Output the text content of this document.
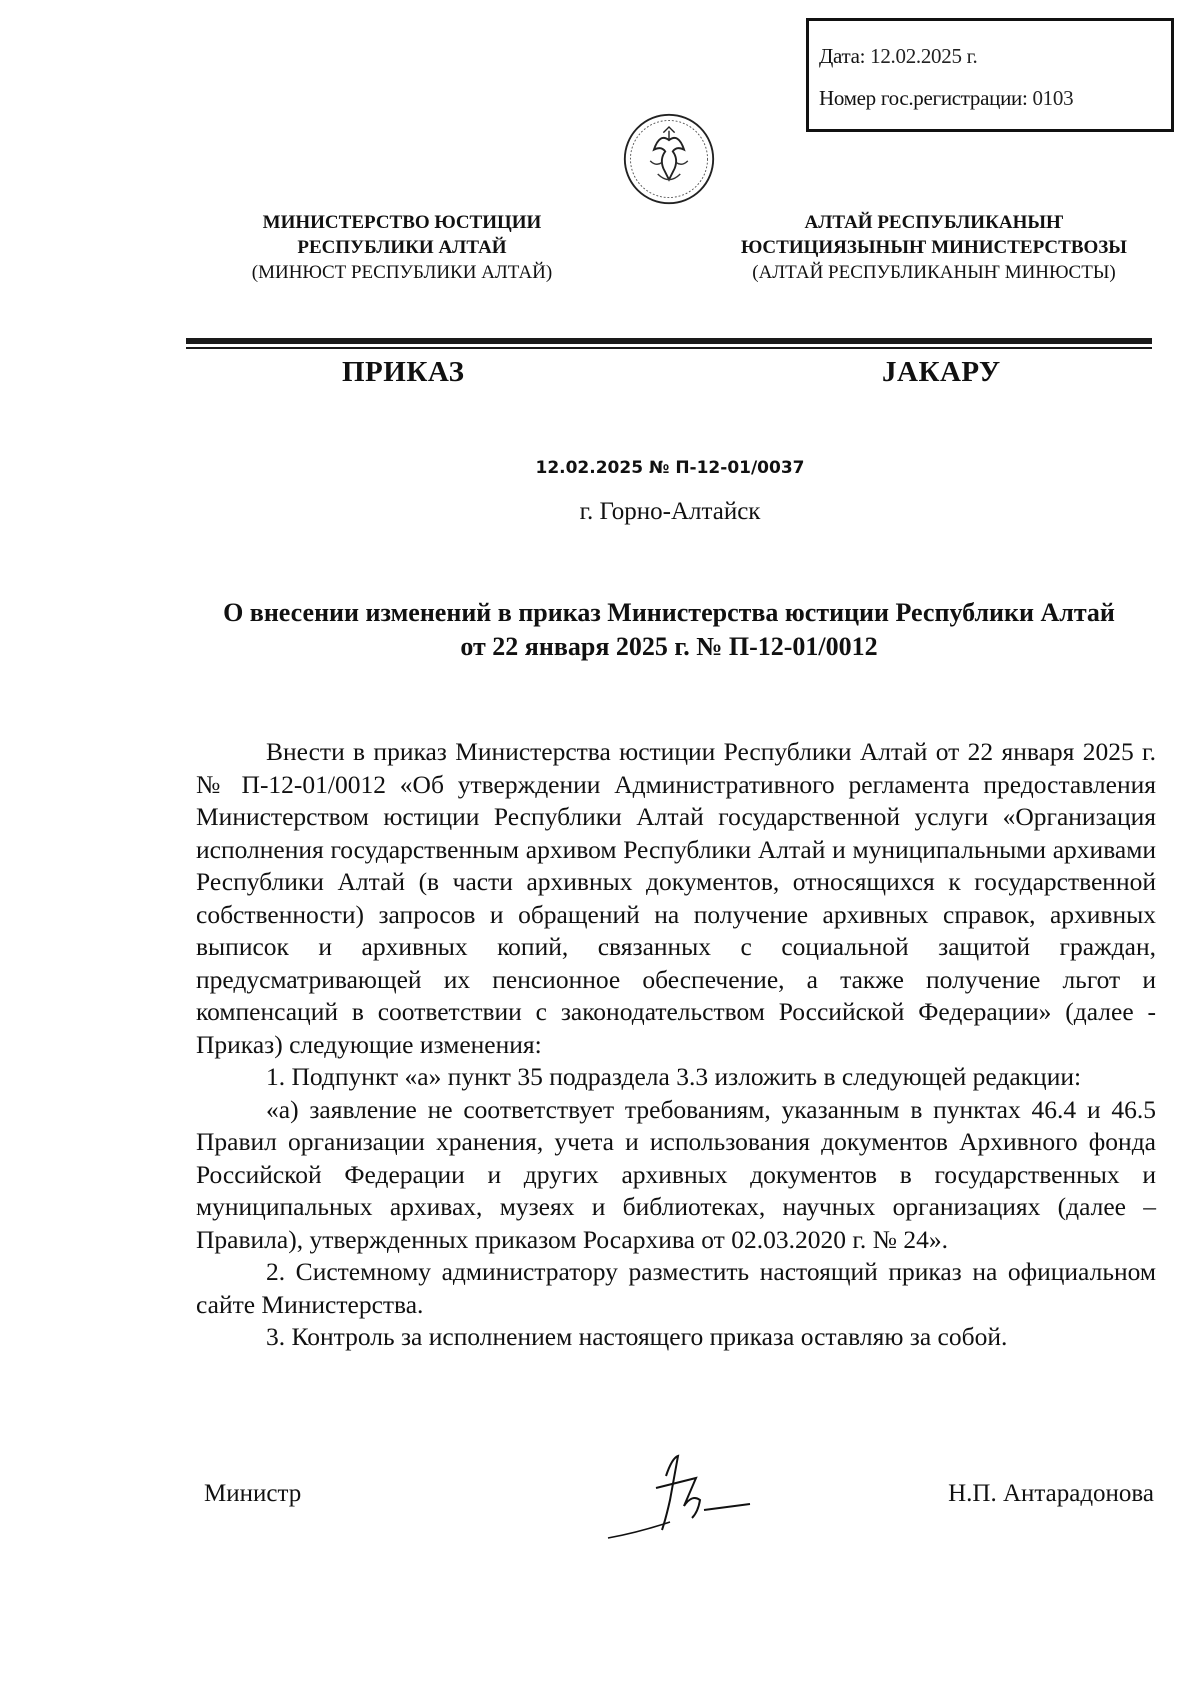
Дата: 12.02.2025 г.
Номер гос.регистрации: 0103
МИНИСТЕРСТВО ЮСТИЦИИ
РЕСПУБЛИКИ АЛТАЙ
(МИНЮСТ РЕСПУБЛИКИ АЛТАЙ)
АЛТАЙ РЕСПУБЛИКАНЫҤ
ЮСТИЦИЯЗЫНЫҤ МИНИСТЕРСТВОЗЫ
(АЛТАЙ РЕСПУБЛИКАНЫҤ МИНЮСТЫ)
ПРИКАЗ	ЈАКАРУ
12.02.2025 № П-12-01/0037
г. Горно-Алтайск
О внесении изменений в приказ Министерства юстиции Республики Алтай
от 22 января 2025 г. № П-12-01/0012

Внести в приказ Министерства юстиции Республики Алтай от 22 января 2025 г. № П-12-01/0012 «Об утверждении Административного регламента предоставления Министерством юстиции Республики Алтай государственной услуги «Организация исполнения государственным архивом Республики Алтай и муниципальными архивами Республики Алтай (в части архивных документов, относящихся к государственной собственности) запросов и обращений на получение архивных справок, архивных выписок и архивных копий, связанных с социальной защитой граждан, предусматривающей их пенсионное обеспечение, а также получение льгот и компенсаций в соответствии с законодательством Российской Федерации» (далее - Приказ) следующие изменения:

1. Подпункт «а» пункт 35 подраздела 3.3 изложить в следующей редакции:

«а) заявление не соответствует требованиям, указанным в пунктах 46.4 и 46.5 Правил организации хранения, учета и использования документов Архивного фонда Российской Федерации и других архивных документов в государственных и муниципальных архивах, музеях и библиотеках, научных организациях (далее – Правила), утвержденных приказом Росархива от 02.03.2020 г. № 24».

2. Системному администратору разместить настоящий приказ на официальном сайте Министерства.

3. Контроль за исполнением настоящего приказа оставляю за собой.

Министр	Н.П. Антарадонова
